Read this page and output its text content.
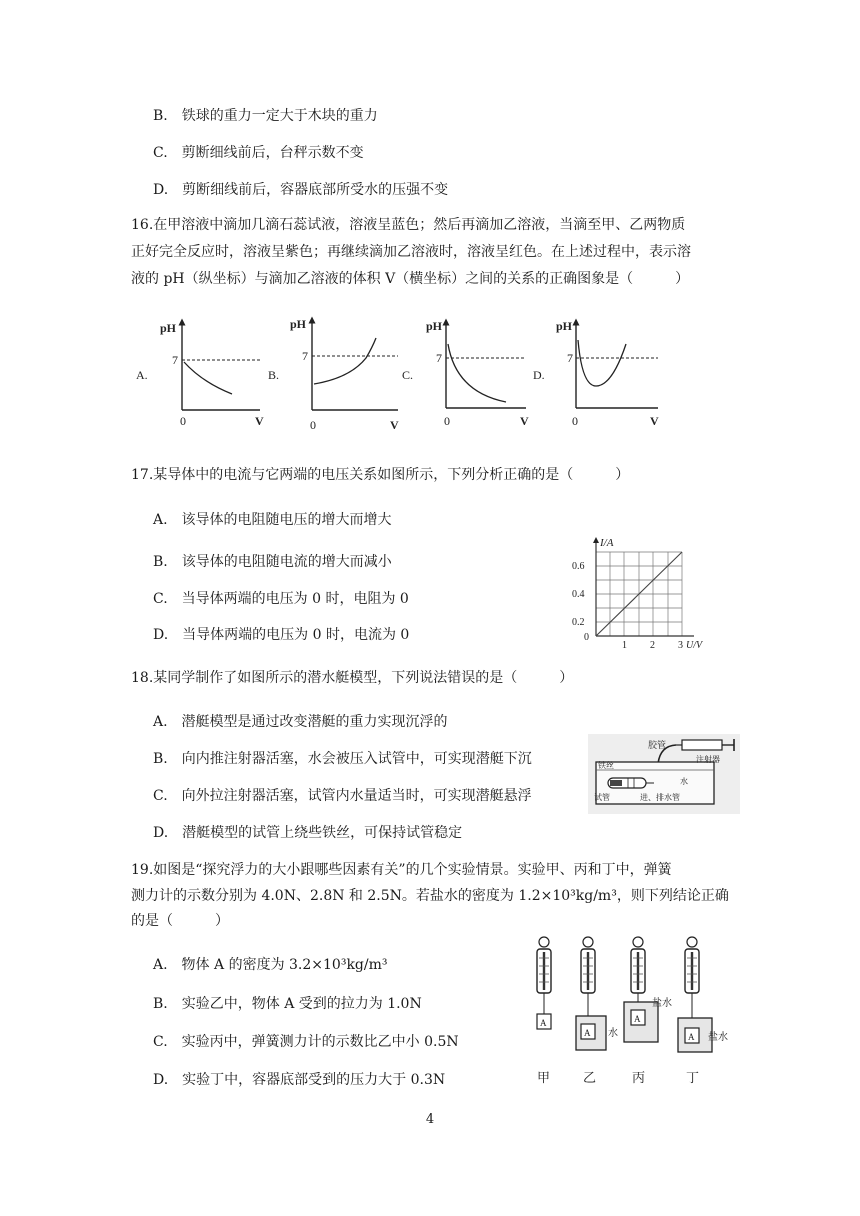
B.　铁球的重力一定大于木块的重力
C.　剪断细线前后，台秤示数不变
D.　剪断细线前后，容器底部所受水的压强不变
16.在甲溶液中滴加几滴石蕊试液，溶液呈蓝色；然后再滴加乙溶液，当滴至甲、乙两物质
正好完全反应时，溶液呈紫色；再继续滴加乙溶液时，溶液呈红色。在上述过程中，表示溶
液的 pH（纵坐标）与滴加乙溶液的体积 V（横坐标）之间的关系的正确图象是（　　　）
A.
pH
7
0	V
B.
pH
7
0	V
C.
pH
7
0	V
D.
pH
7
0	V
17.某导体中的电流与它两端的电压关系如图所示，下列分析正确的是（　　　）
A.　该导体的电阻随电压的增大而增大
B.　该导体的电阻随电流的增大而减小
C.　当导体两端的电压为 0 时，电阻为 0
D.　当导体两端的电压为 0 时，电流为 0
I/A
0.6
0.4
0.2
0
1 2 3 U/V
18.某同学制作了如图所示的潜水艇模型，下列说法错误的是（　　　）
A.　潜艇模型是通过改变潜艇的重力实现沉浮的
B.　向内推注射器活塞，水会被压入试管中，可实现潜艇下沉
C.　向外拉注射器活塞，试管内水量适当时，可实现潜艇悬浮
D.　潜艇模型的试管上绕些铁丝，可保持试管稳定
胶管
注射器
铁丝
水
试管	进、排水管
19.如图是“探究浮力的大小跟哪些因素有关”的几个实验情景。实验甲、丙和丁中，弹簧
测力计的示数分别为 4.0N、2.8N 和 2.5N。若盐水的密度为 1.2×10³kg/m³，则下列结论正确
的是（　　　）
A.　物体 A 的密度为 3.2×10³kg/m³
B.　实验乙中，物体 A 受到的拉力为 1.0N
C.　实验丙中，弹簧测力计的示数比乙中小 0.5N
D.　实验丁中，容器底部受到的压力大于 0.3N
A
A
A
A
水
盐水
盐水
甲	乙	丙	丁
4
